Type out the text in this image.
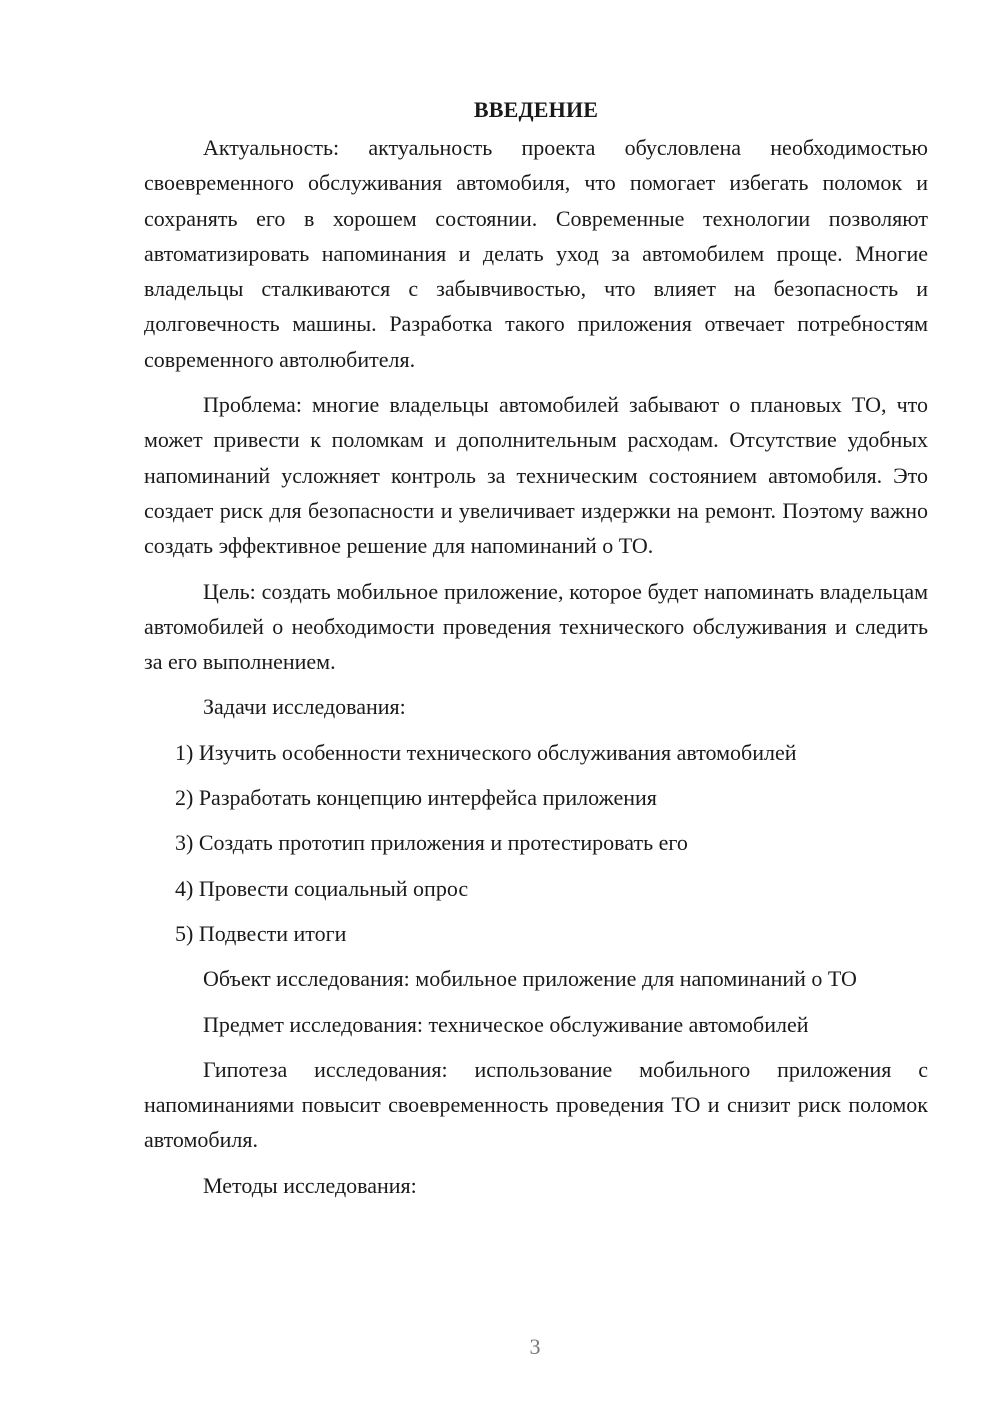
ВВЕДЕНИЕ

Актуальность: актуальность проекта обусловлена необходимостью своевременного обслуживания автомобиля, что помогает избегать поломок и сохранять его в хорошем состоянии. Современные технологии позволяют автоматизировать напоминания и делать уход за автомобилем проще. Многие владельцы сталкиваются с забывчивостью, что влияет на безопасность и долговечность машины. Разработка такого приложения отвечает потребностям современного автолюбителя.

Проблема: многие владельцы автомобилей забывают о плановых ТО, что может привести к поломкам и дополнительным расходам. Отсутствие удобных напоминаний усложняет контроль за техническим состоянием автомобиля. Это создает риск для безопасности и увеличивает издержки на ремонт. Поэтому важно создать эффективное решение для напоминаний о ТО.

Цель: создать мобильное приложение, которое будет напоминать владельцам автомобилей о необходимости проведения технического обслуживания и следить за его выполнением.

Задачи исследования:

1) Изучить особенности технического обслуживания автомобилей
2) Разработать концепцию интерфейса приложения
3) Создать прототип приложения и протестировать его
4) Провести социальный опрос
5) Подвести итоги

Объект исследования: мобильное приложение для напоминаний о ТО

Предмет исследования: техническое обслуживание автомобилей

Гипотеза исследования: использование мобильного приложения с напоминаниями повысит своевременность проведения ТО и снизит риск поломок автомобиля.

Методы исследования:

3
